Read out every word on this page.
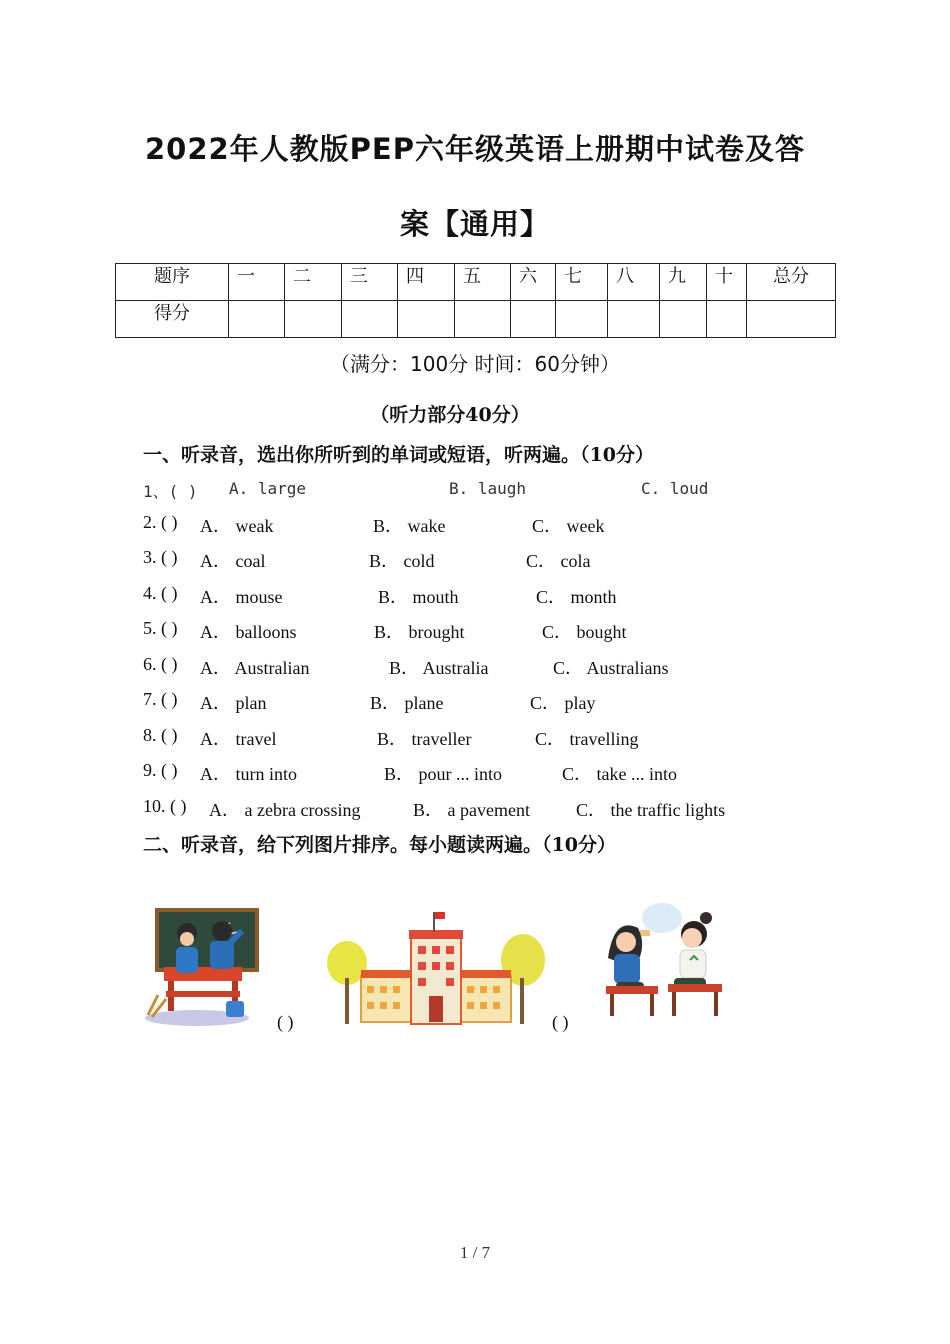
2022年人教版PEP六年级英语上册期中试卷及答
案【通用】
题序	一	二	三	四	五	六	七	八	九	十	总分
得分											
（满分：100分 时间：60分钟）
（听力部分40分）
一、听录音，选出你所听到的单词或短语，听两遍。（10分）
1、( ) A. large	B. laugh	C. loud
2. ( ) A． weak	B． wake	C． week
3. ( ) A． coal	B． cold	C． cola
4. ( ) A． mouse	B． mouth	C． month
5. ( ) A． balloons	B． brought	C． bought
6. ( ) A． Australian	B． Australia	C． Australians
7. ( ) A． plan	B． plane	C． play
8. ( ) A． travel	B． traveller	C． travelling
9. ( ) A． turn into	B． pour ... into	C． take ... into
10. ( ) A． a zebra crossing	B． a pavement	C． the traffic lights
二、听录音，给下列图片排序。每小题读两遍。（10分）
( )	( )
1 / 7
